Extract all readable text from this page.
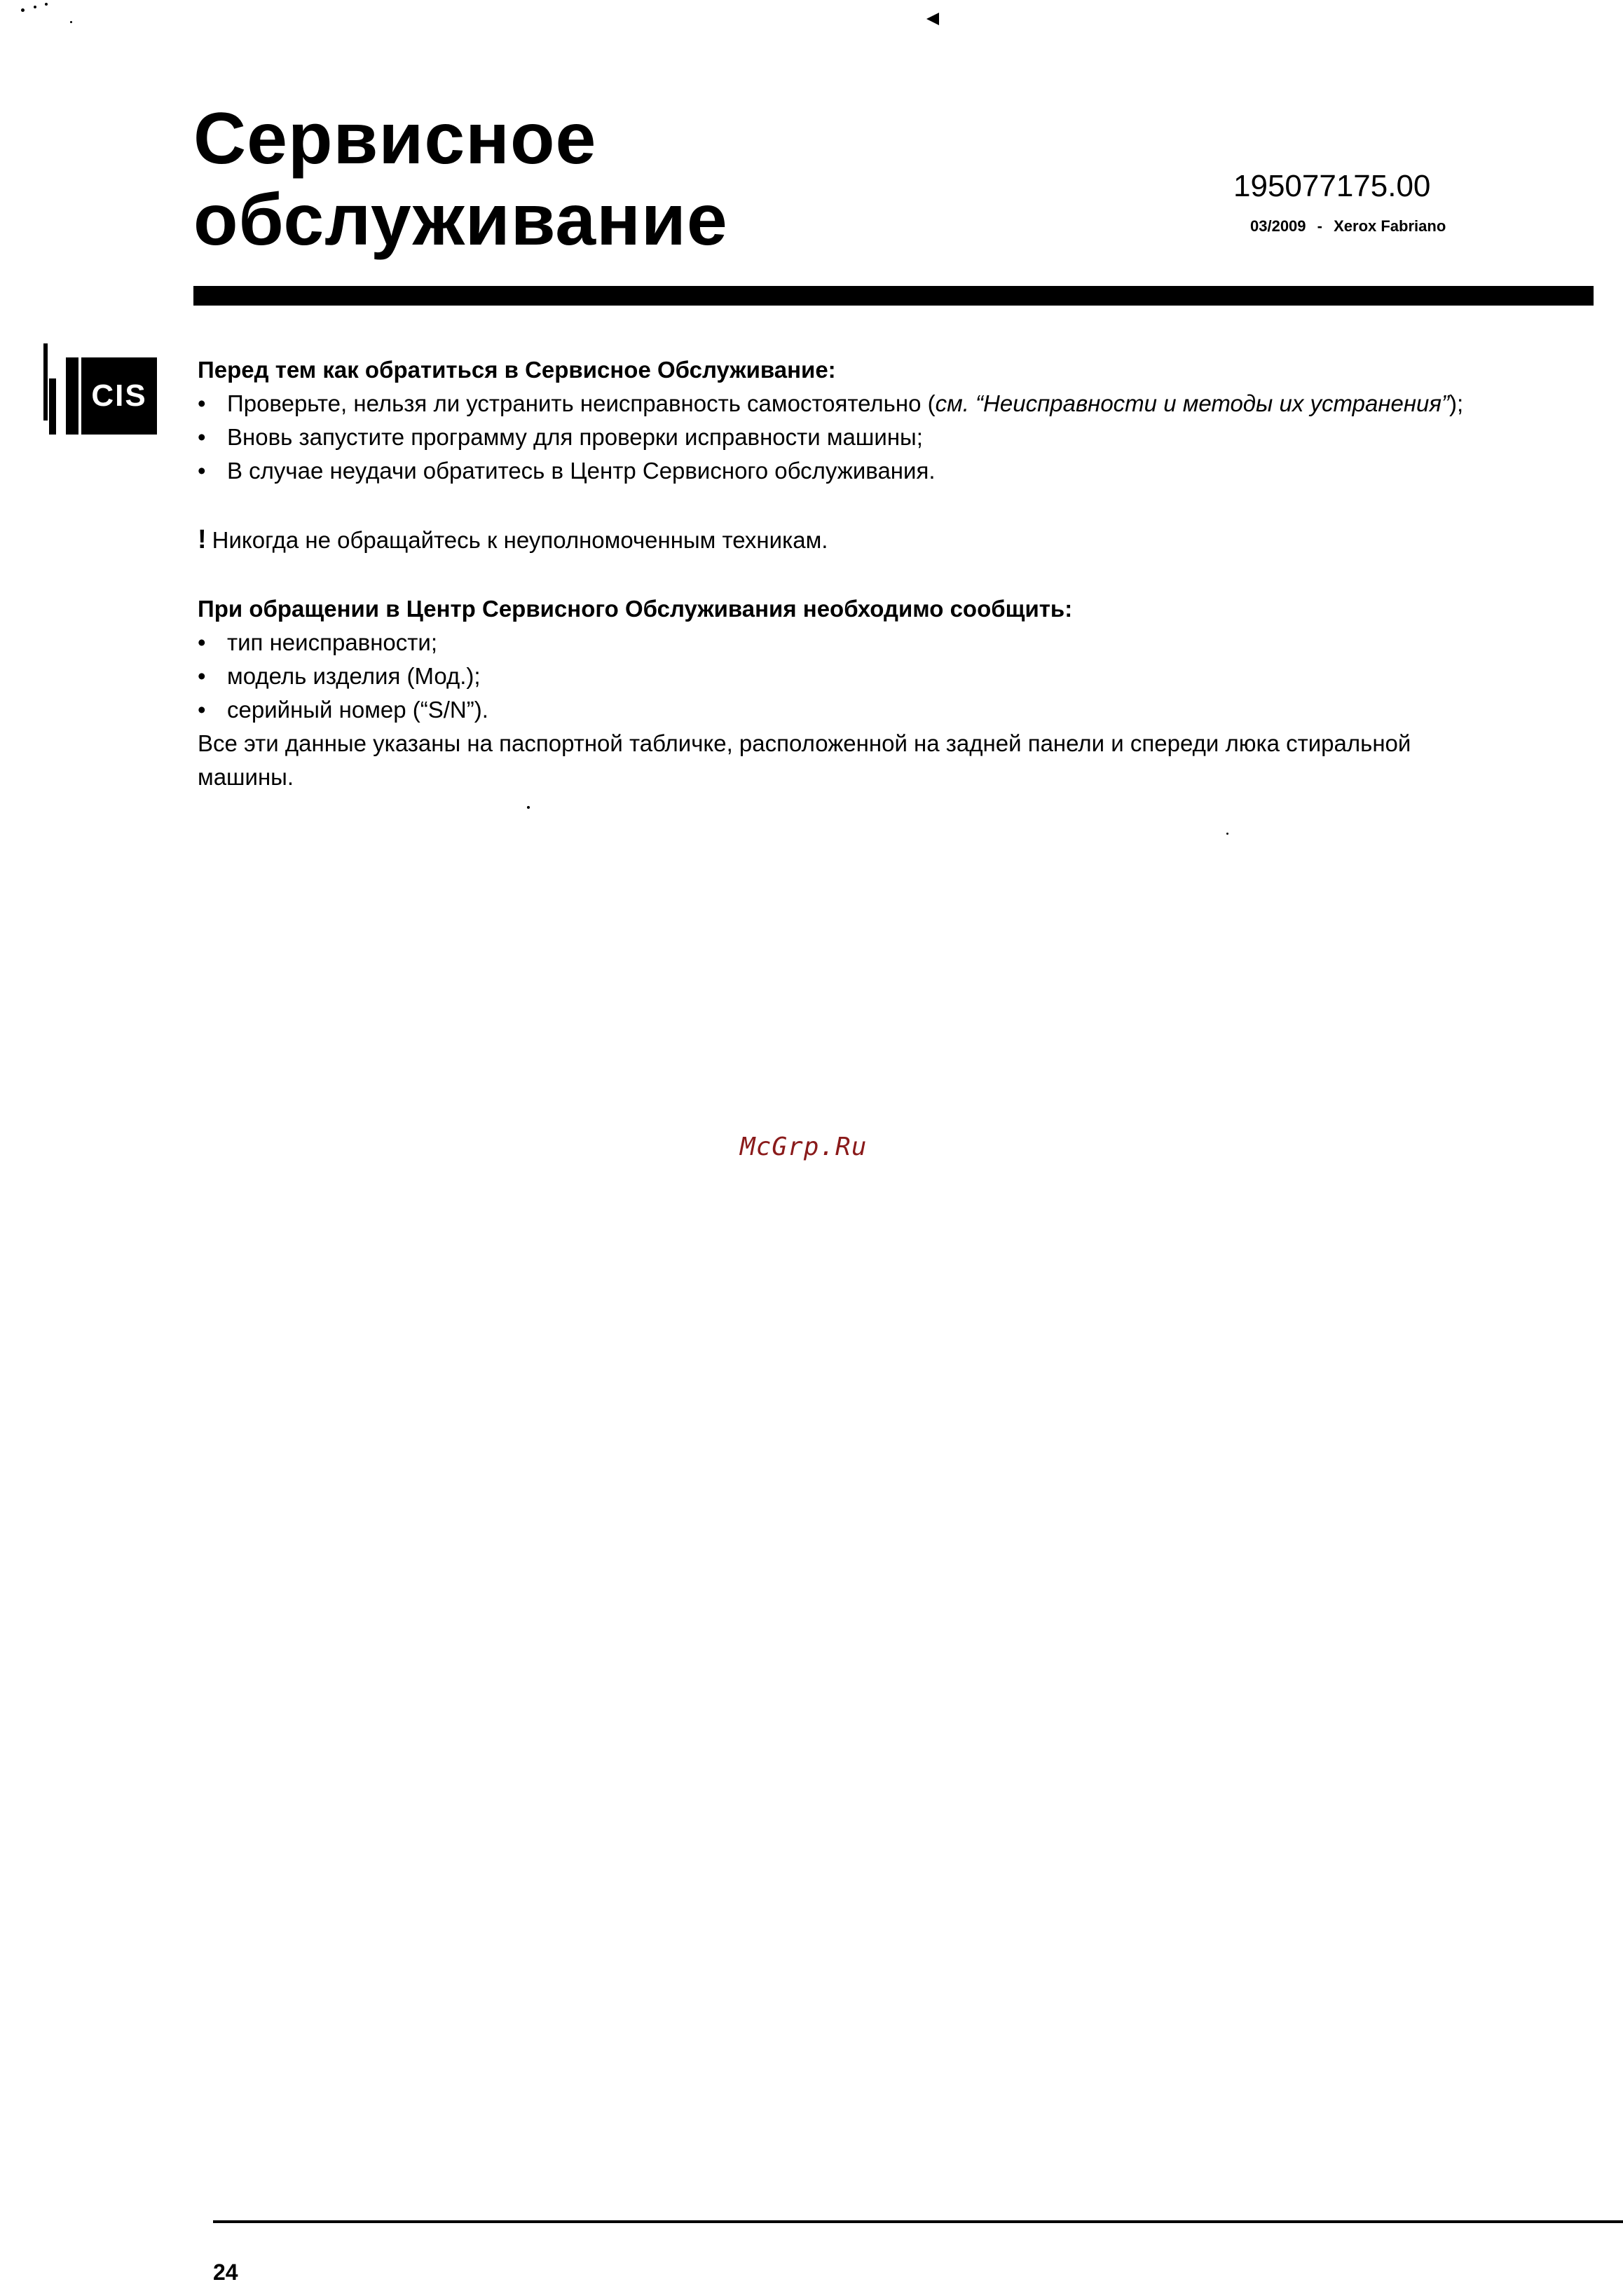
Сервисное
обслуживание	195077175.00
03/2009 - Xerox Fabriano
CIS

Перед тем как обратиться в Сервисное Обслуживание:

• Проверьте, нельзя ли устранить неисправность самостоятельно (см. “Неисправности и методы их устранения”);
• Вновь запустите программу для проверки исправности машины;
• В случае неудачи обратитесь в Центр Сервисного обслуживания.

! Никогда не обращайтесь к неуполномоченным техникам.

При обращении в Центр Сервисного Обслуживания необходимо сообщить:

• тип неисправности;
• модель изделия (Мод.);
• серийный номер (“S/N”).

Все эти данные указаны на паспортной табличке, расположенной на задней панели и спереди люка стиральной машины.

McGrp.Ru
24
